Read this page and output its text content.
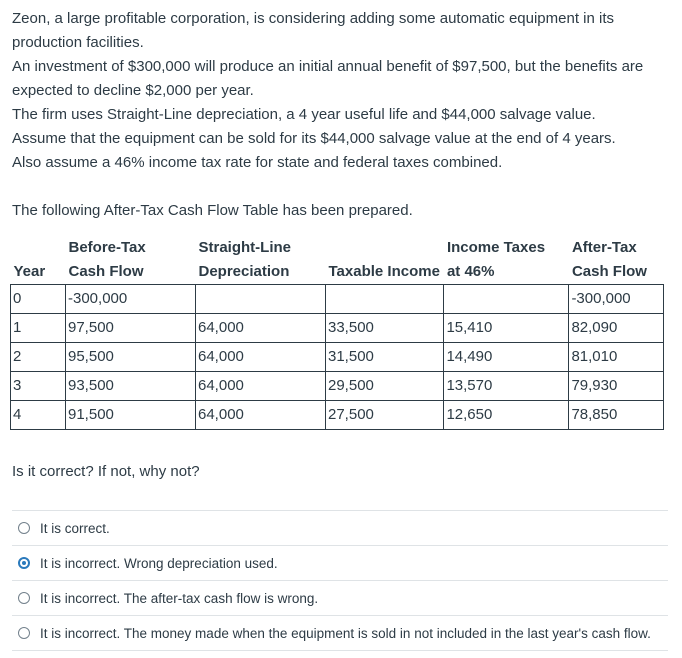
Zeon, a large profitable corporation, is considering adding some automatic equipment in its production facilities.

An investment of $300,000 will produce an initial annual benefit of $97,500, but the benefits are expected to decline $2,000 per year.

The firm uses Straight-Line depreciation, a 4 year useful life and $44,000 salvage value.

Assume that the equipment can be sold for its $44,000 salvage value at the end of 4 years.

Also assume a 46% income tax rate for state and federal taxes combined.

The following After-Tax Cash Flow Table has been prepared.

	Before-Tax	Straight-Line		Income Taxes	After-Tax
Year	Cash Flow	Depreciation	Taxable Income	at 46%	Cash Flow
0	-300,000				-300,000
1	97,500	64,000	33,500	15,410	82,090
2	95,500	64,000	31,500	14,490	81,010
3	93,500	64,000	29,500	13,570	79,930
4	91,500	64,000	27,500	12,650	78,850

Is it correct? If not, why not?

It is correct.
It is incorrect. Wrong depreciation used.
It is incorrect. The after-tax cash flow is wrong.
It is incorrect. The money made when the equipment is sold in not included in the last year's cash flow.
